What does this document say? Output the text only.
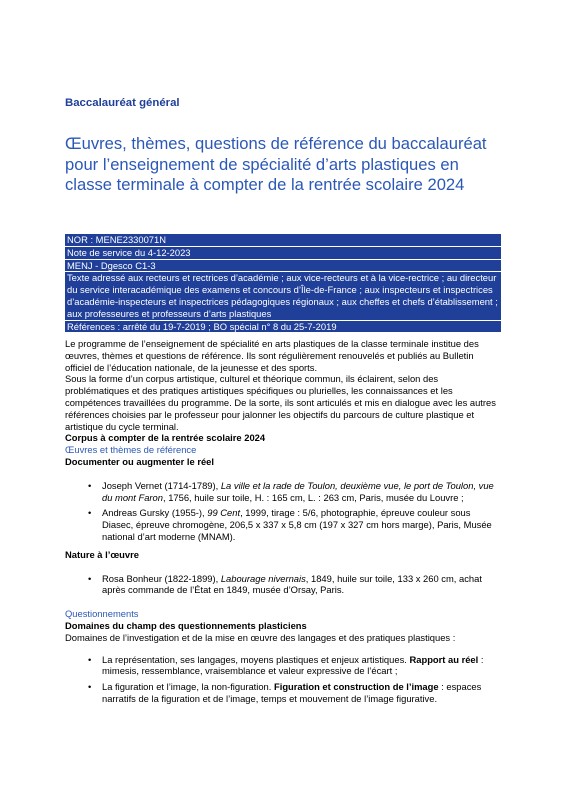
Baccalauréat général
Œuvres, thèmes, questions de référence du baccalauréat pour l’enseignement de spécialité d’arts plastiques en classe terminale à compter de la rentrée scolaire 2024
NOR : MENE2330071N
Note de service du 4-12-2023
MENJ - Dgesco C1-3
Texte adressé aux recteurs et rectrices d’académie ; aux vice-recteurs et à la vice-rectrice ; au directeur du service interacadémique des examens et concours d’Île-de-France ; aux inspecteurs et inspectrices d’académie-inspecteurs et inspectrices pédagogiques régionaux ; aux cheffes et chefs d’établissement ; aux professeures et professeurs d’arts plastiques
Références : arrêté du 19-7-2019 ; BO spécial n° 8 du 25-7-2019

Le programme de l’enseignement de spécialité en arts plastiques de la classe terminale institue des œuvres, thèmes et questions de référence. Ils sont régulièrement renouvelés et publiés au Bulletin officiel de l’éducation nationale, de la jeunesse et des sports.

Sous la forme d’un corpus artistique, culturel et théorique commun, ils éclairent, selon des problématiques et des pratiques artistiques spécifiques ou plurielles, les connaissances et les compétences travaillées du programme. De la sorte, ils sont articulés et mis en dialogue avec les autres références choisies par le professeur pour jalonner les objectifs du parcours de culture plastique et artistique du cycle terminal.

Corpus à compter de la rentrée scolaire 2024

Œuvres et thèmes de référence

Documenter ou augmenter le réel

• Joseph Vernet (1714-1789), La ville et la rade de Toulon, deuxième vue, le port de Toulon, vue du mont Faron, 1756, huile sur toile, H. : 165 cm, L. : 263 cm, Paris, musée du Louvre ;
• Andreas Gursky (1955-), 99 Cent, 1999, tirage : 5/6, photographie, épreuve couleur sous Diasec, épreuve chromogène, 206,5 x 337 x 5,8 cm (197 x 327 cm hors marge), Paris, Musée national d’art moderne (MNAM).

Nature à l’œuvre

• Rosa Bonheur (1822-1899), Labourage nivernais, 1849, huile sur toile, 133 x 260 cm, achat après commande de l’État en 1849, musée d’Orsay, Paris.

Questionnements

Domaines du champ des questionnements plasticiens

Domaines de l’investigation et de la mise en œuvre des langages et des pratiques plastiques :

• La représentation, ses langages, moyens plastiques et enjeux artistiques. Rapport au réel : mimesis, ressemblance, vraisemblance et valeur expressive de l’écart ;
• La figuration et l’image, la non-figuration. Figuration et construction de l’image : espaces narratifs de la figuration et de l’image, temps et mouvement de l’image figurative.
